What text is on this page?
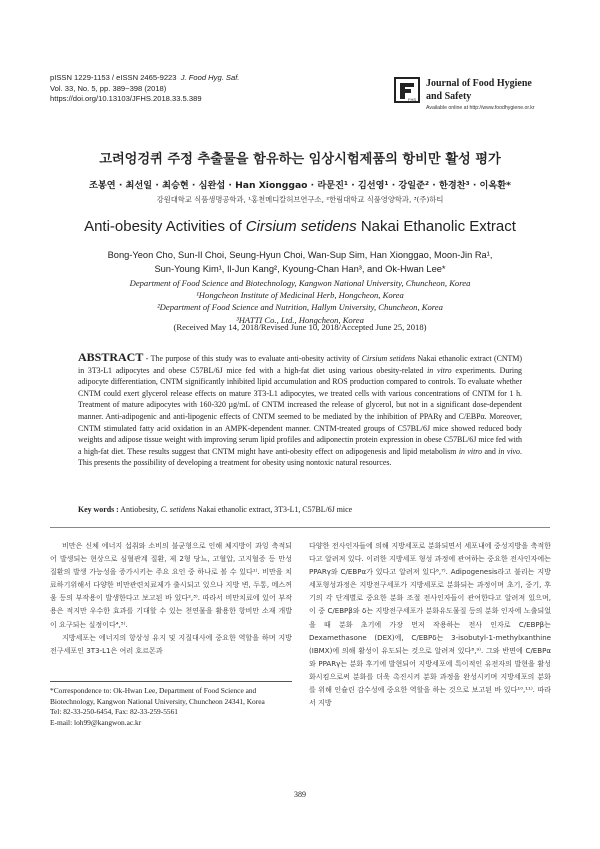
pISSN 1229-1153 / eISSN 2465-9223 J. Food Hyg. Saf.
Vol. 33, No. 5, pp. 389~398 (2018)
https://doi.org/10.13103/JFHS.2018.33.5.389	FHS
Journal of Food Hygiene
and Safety
Available online at http://www.foodhygiene.or.kr
고려엉겅퀴 주정 추출물을 함유하는 임상시험제품의 항비만 활성 평가
조봉연 · 최선일 · 최승현 · 심완섭 · Han Xionggao · 라문진¹ · 김선영¹ · 강일준² · 한경찬³ · 이옥환*
강원대학교 식품생명공학과, ¹홍천메디칼허브연구소, ²한림대학교 식품영양학과, ³(주)하티
Anti-obesity Activities of Cirsium setidens Nakai Ethanolic Extract
Bong-Yeon Cho, Sun-Il Choi, Seung-Hyun Choi, Wan-Sup Sim, Han Xionggao, Moon-Jin Ra¹,
Sun-Young Kim¹, Il-Jun Kang², Kyoung-Chan Han³, and Ok-Hwan Lee*
Department of Food Science and Biotechnology, Kangwon National University, Chuncheon, Korea
¹Hongcheon Institute of Medicinal Herb, Hongcheon, Korea
²Department of Food Science and Nutrition, Hallym University, Chuncheon, Korea
³HATTI Co., Ltd., Hongcheon, Korea
(Received May 14, 2018/Revised June 10, 2018/Accepted June 25, 2018)
ABSTRACT - The purpose of this study was to evaluate anti-obesity activity of Cirsium setidens Nakai ethanolic extract (CNTM) in 3T3-L1 adipocytes and obese C57BL/6J mice fed with a high-fat diet using various obesity-related in vitro experiments. During adipocyte differentiation, CNTM significantly inhibited lipid accumulation and ROS production compared to controls. To evaluate whether CNTM could exert glycerol release effects on mature 3T3-L1 adipocytes, we treated cells with various concentrations of CNTM for 1 h. Treatment of mature adipocytes with 160-320 µg/mL of CNTM increased the release of glycerol, but not in a significant dose-dependent manner. Anti-adipogenic and anti-lipogenic effects of CNTM seemed to be mediated by the inhibition of PPARγ and C/EBPα. Moreover, CNTM stimulated fatty acid oxidation in an AMPK-dependent manner. CNTM-treated groups of C57BL/6J mice showed reduced body weights and adipose tissue weight with improving serum lipid profiles and adiponectin protein expression in obese C57BL/6J mice fed with a high-fat diet. These results suggest that CNTM might have anti-obesity effect on adipogenesis and lipid metabolism in vitro and in vivo. This presents the possibility of developing a treatment for obesity using nontoxic natural resources.
Key words : Antiobesity, C. setidens Nakai ethanolic extract, 3T3-L1, C57BL/6J mice

비만은 신체 에너지 섭취와 소비의 불균형으로 인해 체지방이 과잉 축적되어 발생되는 현상으로 심혈관계 질환, 제 2형 당뇨, 고혈압, 고지혈증 등 만성 질환의 발생 가능성을 증가시키는 주요 요인 중 하나로 볼 수 있다¹⁾. 비만을 치료하기위해서 다양한 비만관련치료제가 출시되고 있으나 지방 변, 두통, 메스꺼움 등의 부작용이 발생한다고 보고된 바 있다²,³⁾. 따라서 비만치료에 있어 부작용은 적지만 우수한 효과를 기대할 수 있는 천연물을 활용한 항비만 소재 개발이 요구되는 실정이다⁴,⁵⁾.

지방세포는 에너지의 항상성 유지 및 지질대사에 중요한 역할을 하며 지방전구세포인 3T3-L1은 여러 호르몬과

*Correspondence to: Ok-Hwan Lee, Department of Food Science and Biotechnology, Kangwon National University, Chuncheon 24341, Korea
Tel: 82-33-250-6454, Fax: 82-33-259-5561
E-mail: loh99@kangwon.ac.kr

다양한 전사인자들에 의해 지방세포로 분화되면서 세포내에 중성지방을 축적한다고 알려져 있다. 이러한 지방세포 형성 과정에 관여하는 중요한 전사인자에는 PPARγ와 C/EBPα가 있다고 알려져 있다⁶,⁷⁾. Adipogenesis라고 불리는 지방세포형성과정은 지방전구세포가 지방세포로 분화되는 과정이며 초기, 중기, 후기의 각 단계별로 중요한 분화 조절 전사인자들이 관여한다고 알려져 있으며, 이 중 C/EBPβ와 δ는 지방전구세포가 분화유도물질 등의 분화 인자에 노출되었을 때 분화 초기에 가장 먼저 작용하는 전사 인자로 C/EBPβ는 Dexamethasone (DEX)에, C/EBPδ는 3-isobutyl-1-methylxanthine (IBMX)에 의해 활성이 유도되는 것으로 알려져 있다⁸,⁹⁾. 그와 반면에 C/EBPα와 PPARγ는 분화 후기에 발현되어 지방세포에 특이적인 유전자의 발현을 활성화시킴으로써 분화를 더욱 촉진시켜 분화 과정을 완성시키며 지방세포의 분화를 위해 인슐린 감수성에 중요한 역할을 하는 것으로 보고된 바 있다¹⁰,¹¹⁾. 따라서 지방

389
